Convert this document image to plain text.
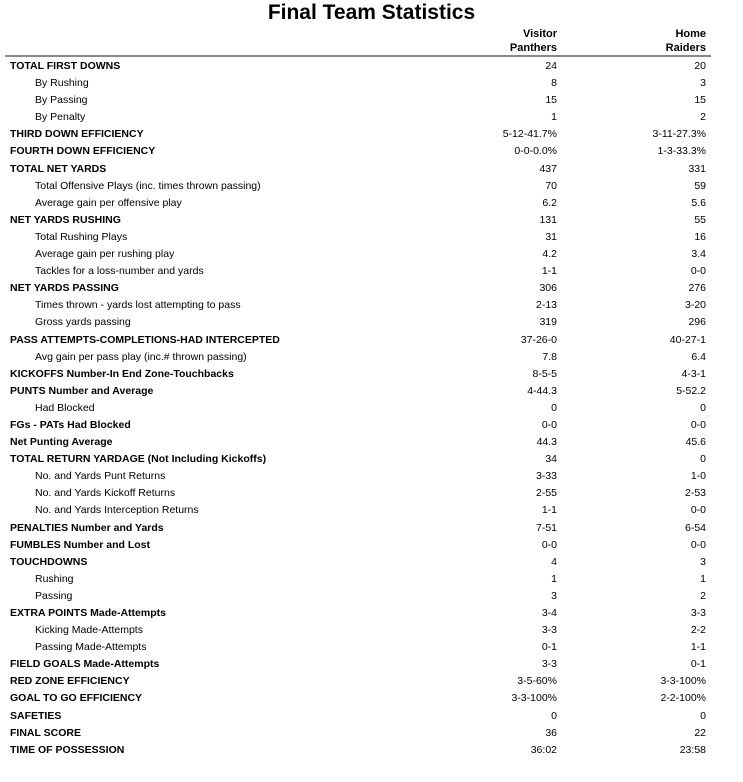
Final Team Statistics
Visitor
Panthers
Home
Raiders
TOTAL FIRST DOWNS	24	20
By Rushing	8	3
By Passing	15	15
By Penalty	1	2
THIRD DOWN EFFICIENCY	5-12-41.7%	3-11-27.3%
FOURTH DOWN EFFICIENCY	0-0-0.0%	1-3-33.3%
TOTAL NET YARDS	437	331
Total Offensive Plays (inc. times thrown passing)	70	59
Average gain per offensive play	6.2	5.6
NET YARDS RUSHING	131	55
Total Rushing Plays	31	16
Average gain per rushing play	4.2	3.4
Tackles for a loss-number and yards	1-1	0-0
NET YARDS PASSING	306	276
Times thrown - yards lost attempting to pass	2-13	3-20
Gross yards passing	319	296
PASS ATTEMPTS-COMPLETIONS-HAD INTERCEPTED	37-26-0	40-27-1
Avg gain per pass play (inc.# thrown passing)	7.8	6.4
KICKOFFS Number-In End Zone-Touchbacks	8-5-5	4-3-1
PUNTS Number and Average	4-44.3	5-52.2
Had Blocked	0	0
FGs - PATs Had Blocked	0-0	0-0
Net Punting Average	44.3	45.6
TOTAL RETURN YARDAGE (Not Including Kickoffs)	34	0
No. and Yards Punt Returns	3-33	1-0
No. and Yards Kickoff Returns	2-55	2-53
No. and Yards Interception Returns	1-1	0-0
PENALTIES Number and Yards	7-51	6-54
FUMBLES Number and Lost	0-0	0-0
TOUCHDOWNS	4	3
Rushing	1	1
Passing	3	2
EXTRA POINTS Made-Attempts	3-4	3-3
Kicking Made-Attempts	3-3	2-2
Passing Made-Attempts	0-1	1-1
FIELD GOALS Made-Attempts	3-3	0-1
RED ZONE EFFICIENCY	3-5-60%	3-3-100%
GOAL TO GO EFFICIENCY	3-3-100%	2-2-100%
SAFETIES	0	0
FINAL SCORE	36	22
TIME OF POSSESSION	36:02	23:58
